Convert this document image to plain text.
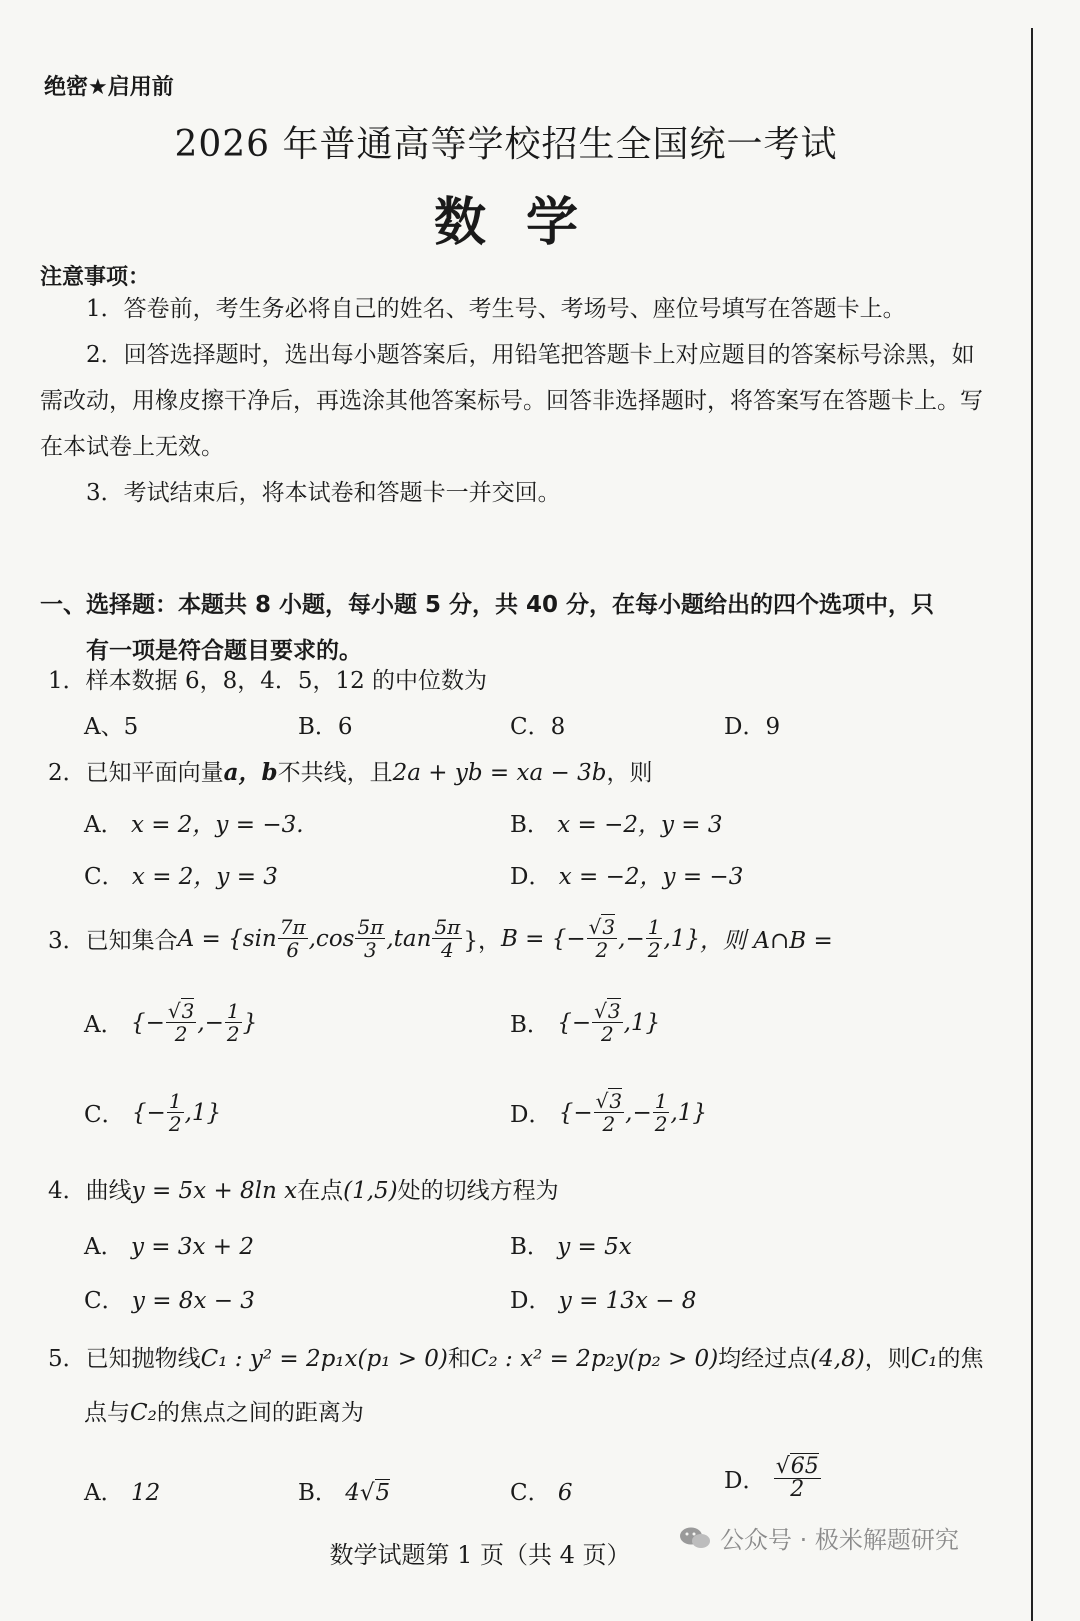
绝密★启用前
2026 年普通高等学校招生全国统一考试
数学
注意事项：

1．答卷前，考生务必将自己的姓名、考生号、考场号、座位号填写在答题卡上。

2．回答选择题时，选出每小题答案后，用铅笔把答题卡上对应题目的答案标号涂黑，如需改动，用橡皮擦干净后，再选涂其他答案标号。回答非选择题时，将答案写在答题卡上。写在本试卷上无效。

3．考试结束后，将本试卷和答题卡一并交回。

一、选择题：本题共 8 小题，每小题 5 分，共 40 分，在每小题给出的四个选项中，只
有一项是符合题目要求的。
1．样本数据 6，8，4．5，12 的中位数为
A、5	B．6	C．8	D．9
2．已知平面向量a，b不共线，且2a + yb = xa − 3b，则
A． x = 2，y = −3.	B． x = −2，y = 3
C． x = 2，y = 3	D． x = −2，y = −3
3． 已知集合 $A = \{\sin \frac{7\pi}{6} ,\cos \frac{5\pi}{3} ,\tan \frac{5\pi}{4}$ }， B = {− $\frac{√3}{2}$ ,− $\frac{1}{2} ,1$} ，则 A∩B =
A． {− $\frac{√3}{2}$ ,− $\frac{1}{2}$ }	B． {− $\frac{√3}{2} ,1$}
C． {− $\frac{1}{2} ,1$}	D． {− $\frac{√3}{2}$ ,− $\frac{1}{2} ,1$}
4．曲线y = 5x + 8ln x在点(1,5)处的切线方程为
A． y = 3x + 2	B． y = 5x
C． y = 8x − 3	D． y = 13x − 8
5．已知抛物线C₁ : y² = 2p₁x(p₁ > 0)和C₂ : x² = 2p₂y(p₂ > 0)均经过点(4,8)，则C₁的焦
点与C₂的焦点之间的距离为
A． 12	B． 4√5	C． 6	D．
$\frac{√65}{2}$
数学试题第 1 页（共 4 页）
公众号 · 极米解题研究
